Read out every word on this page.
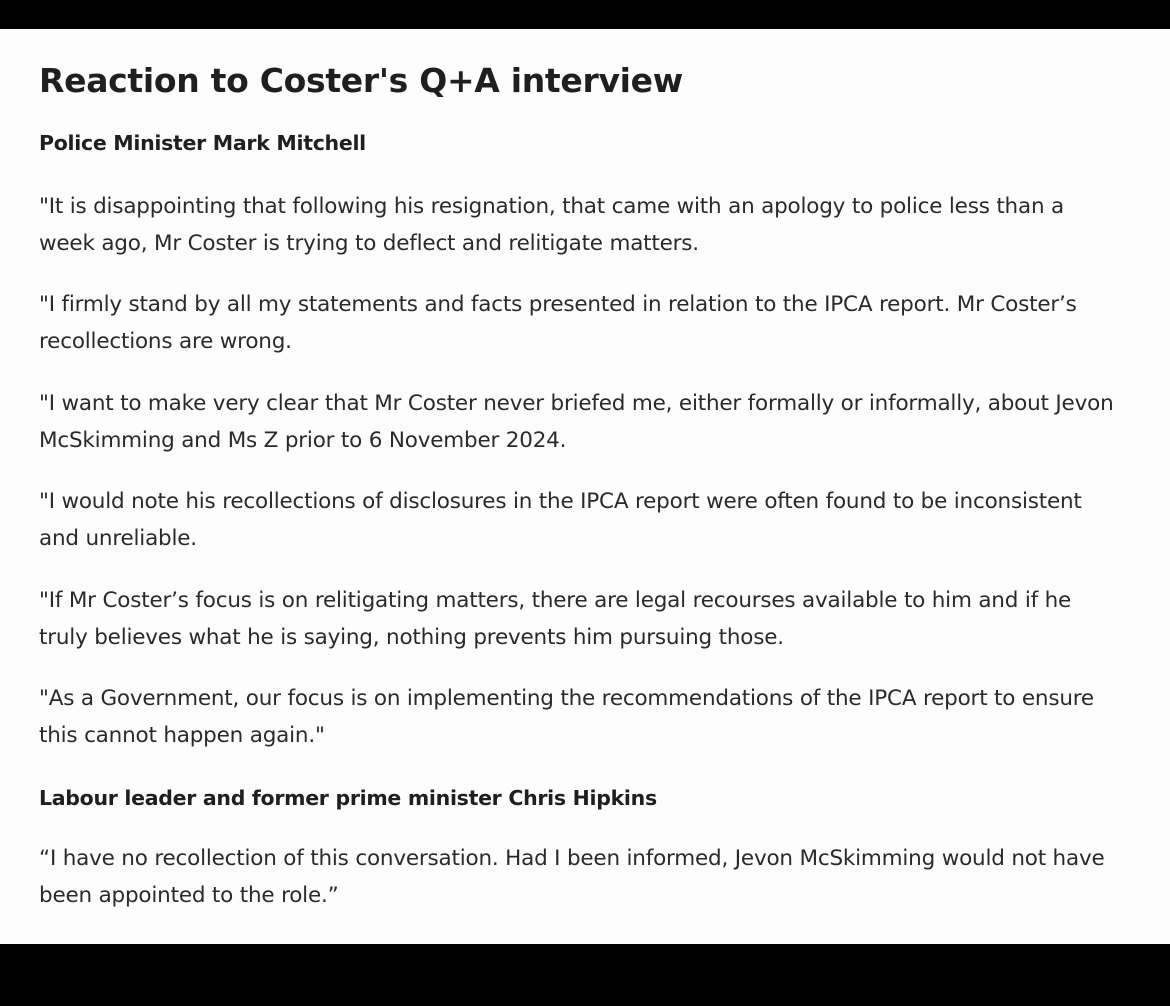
Reaction to Coster's Q+A interview

Police Minister Mark Mitchell

"It is disappointing that following his resignation, that came with an apology to police less than a week ago, Mr Coster is trying to deflect and relitigate matters.

"I firmly stand by all my statements and facts presented in relation to the IPCA report. Mr Coster’s recollections are wrong.

"I want to make very clear that Mr Coster never briefed me, either formally or informally, about Jevon McSkimming and Ms Z prior to 6 November 2024.

"I would note his recollections of disclosures in the IPCA report were often found to be inconsistent and unreliable.

"If Mr Coster’s focus is on relitigating matters, there are legal recourses available to him and if he truly believes what he is saying, nothing prevents him pursuing those.

"As a Government, our focus is on implementing the recommendations of the IPCA report to ensure this cannot happen again."

Labour leader and former prime minister Chris Hipkins

“I have no recollection of this conversation. Had I been informed, Jevon McSkimming would not have been appointed to the role.”
